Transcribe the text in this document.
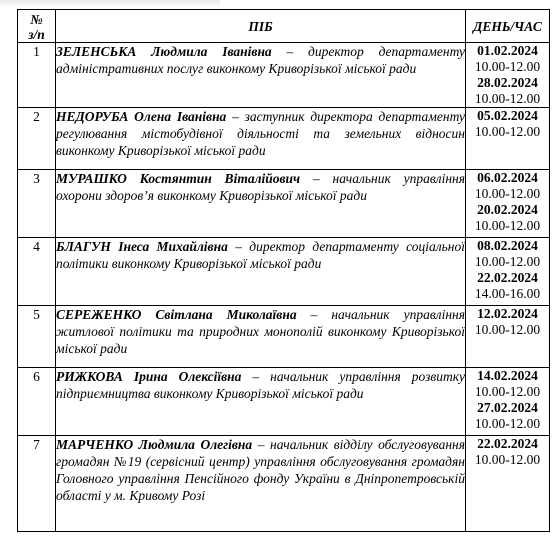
№
з/п	ПІБ	ДЕНЬ/ЧАС
1	ЗЕЛЕНСЬКА Людмила Іванівна – директор департаменту адміністративних послуг виконкому Криворізької міської ради	01.02.2024
10.00-12.00
28.02.2024
10.00-12.00

2	НЕДОРУБА Олена Іванівна – заступник директора департаменту регулювання містобудівної діяльності та земельних відносин виконкому Криворізької міської ради	05.02.2024
10.00-12.00

3	МУРАШКО Костянтин Віталійович – начальник управління охорони здоров’я виконкому Криворізької міської ради	06.02.2024
10.00-12.00
20.02.2024
10.00-12.00

4	БЛАГУН Інеса Михайлівна – директор департаменту соціальної політики виконкому Криворізької міської ради	08.02.2024
10.00-12.00
22.02.2024
14.00-16.00

5	СЕРЕЖЕНКО Світлана Миколаївна – начальник управління житлової політики та природних монополій виконкому Криворізької міської ради	12.02.2024
10.00-12.00

6	РИЖКОВА Ірина Олексіївна – начальник управління розвитку підприємництва виконкому Криворізької міської ради	14.02.2024
10.00-12.00
27.02.2024
10.00-12.00

7	МАРЧЕНКО Людмила Олегівна – начальник відділу обслуговування громадян №19 (сервісний центр) управління обслуговування громадян Головного управління Пенсійного фонду України в Дніпропетровській області у м. Кривому Розі	22.02.2024
10.00-12.00
